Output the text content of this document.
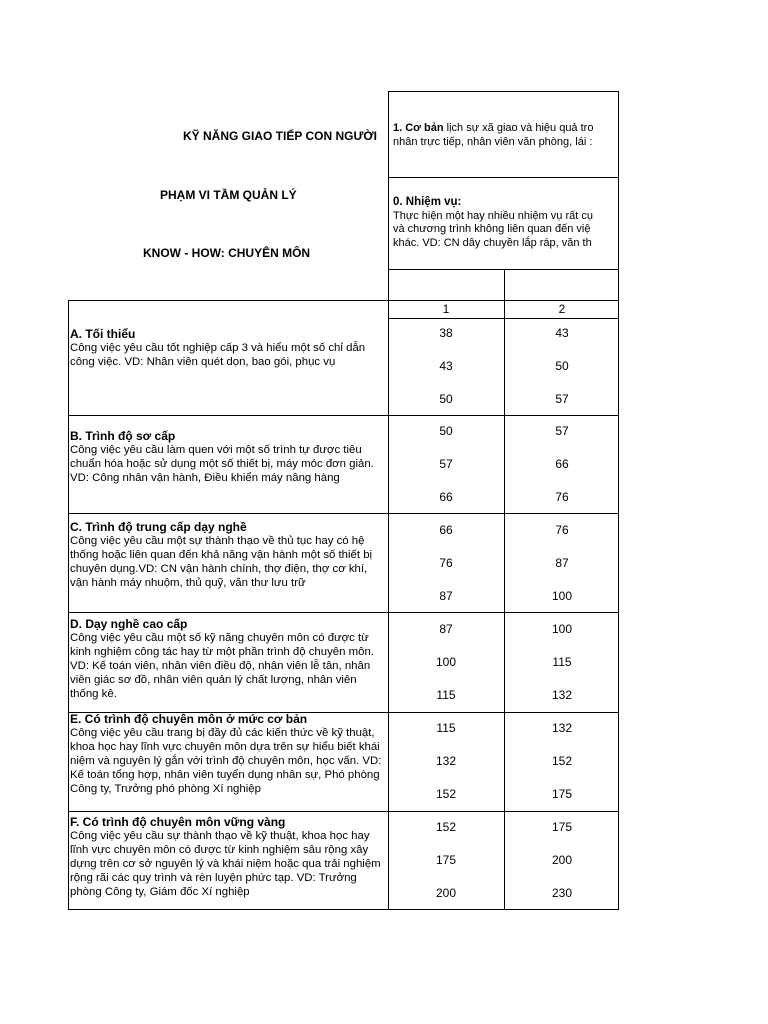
KỸ NĂNG GIAO TIẾP CON NGƯỜI
PHẠM VI TẦM QUẢN LÝ
KNOW - HOW: CHUYÊN MÔN
1. Cơ bản lịch sự xã giao và hiệu quả tro
nhân trực tiếp, nhân viên văn phòng, lái :
0. Nhiệm vụ:
Thực hiện một hay nhiều nhiệm vụ rất cụ
và chương trình không liên quan đến việ
khác. VD: CN dây chuyền lắp ráp, văn th
1	2
A. Tối thiểu
Công việc yêu cầu tốt nghiệp cấp 3 và hiểu một số chỉ dẫn công việc. VD: Nhân viên quét dọn, bao gói, phục vụ
38
43
50
43
50
57
B. Trình độ sơ cấp
Công việc yêu cầu làm quen với một số trình tự được tiêu chuẩn hóa hoặc sử dụng một số thiết bị, máy móc đơn giản. VD: Công nhân vận hành, Điều khiển máy nâng hàng
50
57
66
57
66
76
C. Trình độ trung cấp dạy nghề
Công việc yêu cầu một sự thành thạo về thủ tục hay có hệ thống hoặc liên quan đến khả năng vận hành một số thiết bị chuyên dụng.VD: CN vận hành chính, thợ điện, thợ cơ khí, vận hành máy nhuộm, thủ quỹ, văn thư lưu trữ
66
76
87
76
87
100
D. Dạy nghề cao cấp
Công việc yêu cầu một số kỹ năng chuyên môn có được từ kinh nghiệm công tác hay từ một phần trình độ chuyên môn. VD: Kế toán viên, nhân viên điều độ, nhân viên lễ tân, nhân viên giác sơ đồ, nhân viên quản lý chất lượng, nhân viên thống kê.
87
100
115
100
115
132
E. Có trình độ chuyên môn ở mức cơ bản
Công việc yêu cầu trang bị đầy đủ các kiến thức về kỹ thuật, khoa học hay lĩnh vực chuyên môn dựa trên sự hiểu biết khái niệm và nguyên lý gắn với trình độ chuyên môn, học vấn. VD: Kế toán tổng hợp, nhân viên tuyển dụng nhân sự, Phó phòng Công ty, Trưởng phó phòng Xí nghiệp
115
132
152
132
152
175
F. Có trình độ chuyên môn vững vàng
Công việc yêu cầu sự thành thạo về kỹ thuật, khoa học hay lĩnh vực chuyên môn có được từ kinh nghiệm sâu rộng xây dựng trên cơ sở nguyên lý và khái niệm hoặc qua trải nghiệm rộng rãi các quy trình và rèn luyện phức tạp. VD: Trưởng phòng Công ty, Giám đốc Xí nghiệp
152
175
200
175
200
230
